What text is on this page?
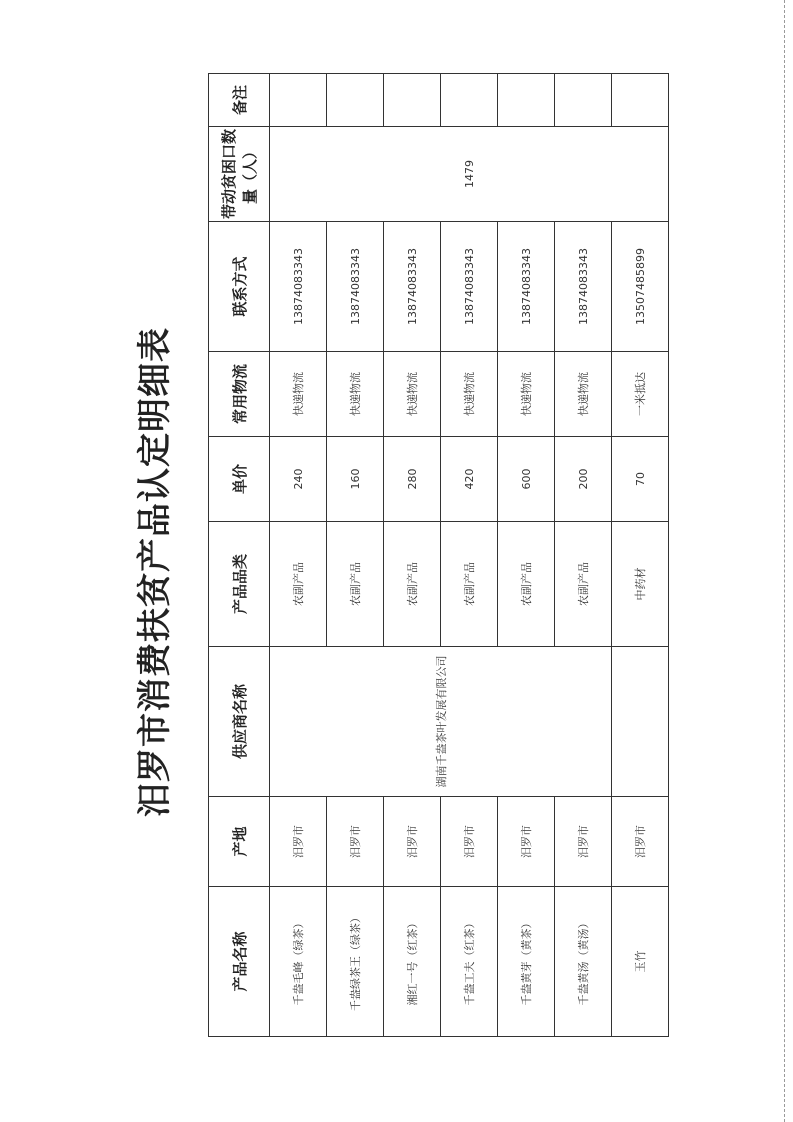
汨罗市消费扶贫产品认定明细表
产品名称	产地	供应商名称	产品品类	单价	常用物流	联系方式	带动贫困口数量（人）	备注
千盎毛峰（绿茶）	汨罗市	湖南千盎茶叶发展有限公司	农副产品	240	快递物流	13874083343	1479	
千盎绿茶王（绿茶）	汨罗市		农副产品	160	快递物流	13874083343		
湘红一号（红茶）	汨罗市		农副产品	280	快递物流	13874083343		
千盎工夫（红茶）	汨罗市		农副产品	420	快递物流	13874083343		
千盎黄芽（黄茶）	汨罗市		农副产品	600	快递物流	13874083343		
千盎黄汤（黄汤）	汨罗市		农副产品	200	快递物流	13874083343		
玉竹	汨罗市		中药材	70	一米抵达	13507485899		
